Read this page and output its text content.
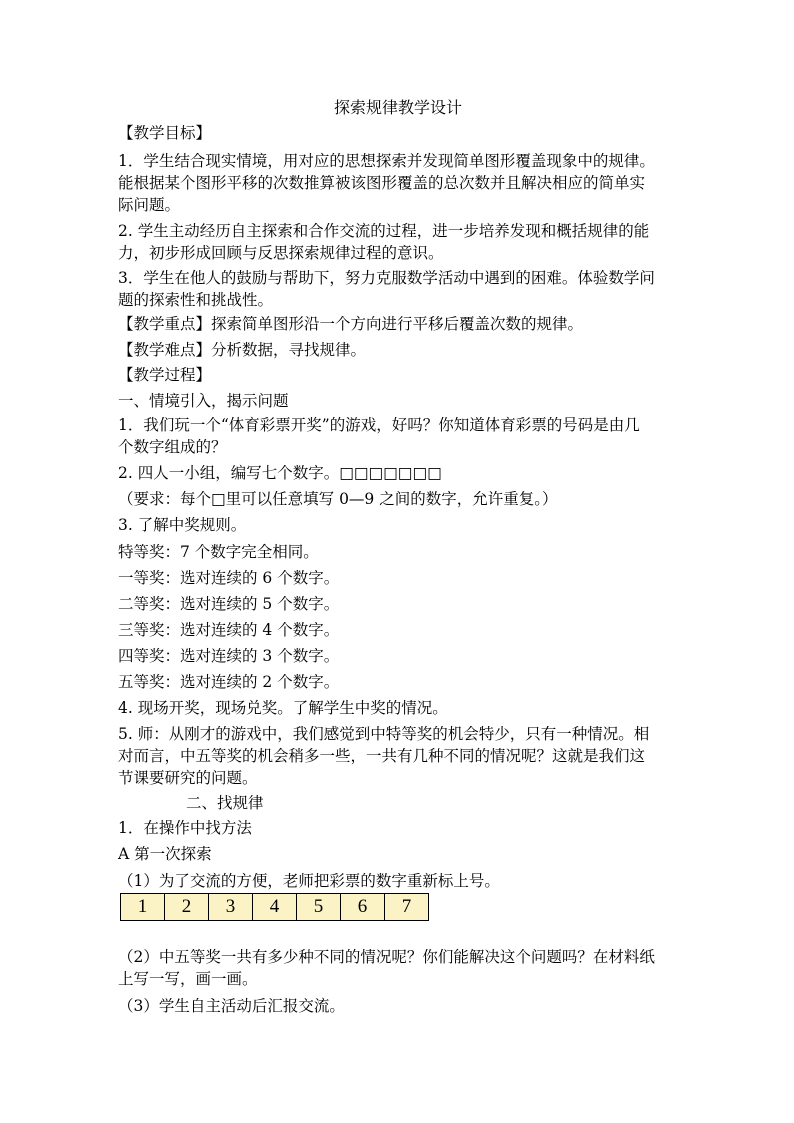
探索规律教学设计
【教学目标】
1．学生结合现实情境，用对应的思想探索并发现简单图形覆盖现象中的规律。
能根据某个图形平移的次数推算被该图形覆盖的总次数并且解决相应的简单实
际问题。
2. 学生主动经历自主探索和合作交流的过程，进一步培养发现和概括规律的能
力，初步形成回顾与反思探索规律过程的意识。
3．学生在他人的鼓励与帮助下，努力克服数学活动中遇到的困难。体验数学问
题的探索性和挑战性。
【教学重点】探索简单图形沿一个方向进行平移后覆盖次数的规律。
【教学难点】分析数据，寻找规律。
【教学过程】
一、情境引入，揭示问题
1．我们玩一个“体育彩票开奖”的游戏，好吗？你知道体育彩票的号码是由几
个数字组成的？
2. 四人一小组，编写七个数字。□□□□□□□
（要求：每个□里可以任意填写 0—9 之间的数字，允许重复。）
3. 了解中奖规则。
特等奖：7 个数字完全相同。
一等奖：选对连续的 6 个数字。
二等奖：选对连续的 5 个数字。
三等奖：选对连续的 4 个数字。
四等奖：选对连续的 3 个数字。
五等奖：选对连续的 2 个数字。
4. 现场开奖，现场兑奖。了解学生中奖的情况。
5. 师：从刚才的游戏中，我们感觉到中特等奖的机会特少，只有一种情况。相
对而言，中五等奖的机会稍多一些，一共有几种不同的情况呢？这就是我们这
节课要研究的问题。
二、找规律
1．在操作中找方法
A 第一次探索
（1）为了交流的方便，老师把彩票的数字重新标上号。
（2）中五等奖一共有多少种不同的情况呢？你们能解决这个问题吗？在材料纸
上写一写，画一画。
（3）学生自主活动后汇报交流。
1	2	3	4	5	6	7
